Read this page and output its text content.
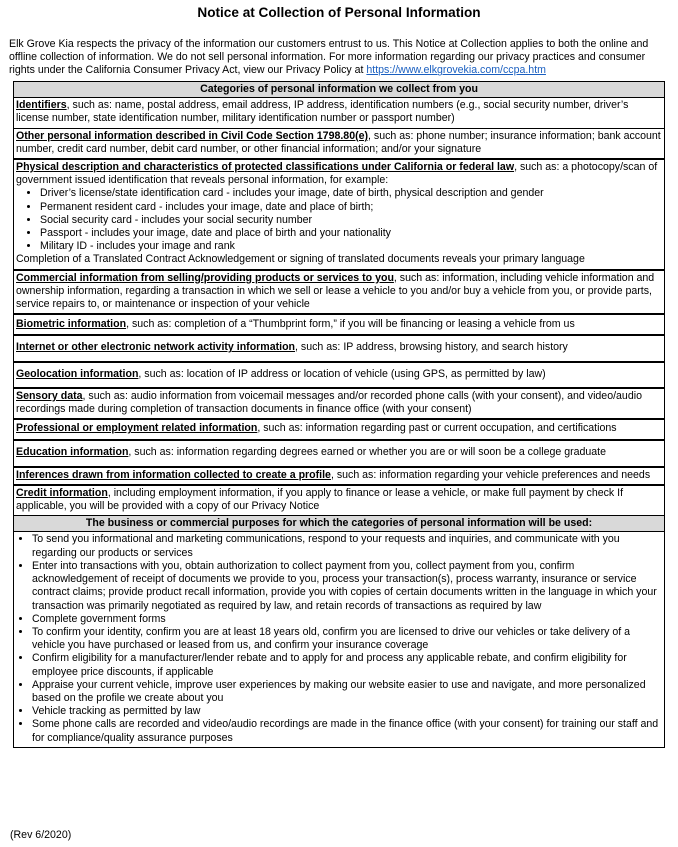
Notice at Collection of Personal Information
Elk Grove Kia respects the privacy of the information our customers entrust to us. This Notice at Collection applies to both the online and offline collection of information. We do not sell personal information. For more information regarding our privacy practices and consumer rights under the California Consumer Privacy Act, view our Privacy Policy at https://www.elkgrovekia.com/ccpa.htm
Categories of personal information we collect from you
Identifiers, such as: name, postal address, email address, IP address, identification numbers (e.g., social security number, driver’s license number, state identification number, military identification number or passport number)
Other personal information described in Civil Code Section 1798.80(e), such as: phone number; insurance information; bank account number, credit card number, debit card number, or other financial information; and/or your signature
Physical description and characteristics of protected classifications under California or federal law, such as: a photocopy/scan of government issued identification that reveals personal information, for example:
• Driver’s license/state identification card - includes your image, date of birth, physical description and gender
• Permanent resident card - includes your image, date and place of birth;
• Social security card - includes your social security number
• Passport - includes your image, date and place of birth and your nationality
• Military ID - includes your image and rank
Completion of a Translated Contract Acknowledgement or signing of translated documents reveals your primary language
Commercial information from selling/providing products or services to you, such as: information, including vehicle information and ownership information, regarding a transaction in which we sell or lease a vehicle to you and/or buy a vehicle from you, or provide parts, service repairs to, or maintenance or inspection of your vehicle
Biometric information, such as: completion of a “Thumbprint form,” if you will be financing or leasing a vehicle from us
Internet or other electronic network activity information, such as: IP address, browsing history, and search history
Geolocation information, such as: location of IP address or location of vehicle (using GPS, as permitted by law)
Sensory data, such as: audio information from voicemail messages and/or recorded phone calls (with your consent), and video/audio recordings made during completion of transaction documents in finance office (with your consent)
Professional or employment related information, such as: information regarding past or current occupation, and certifications
Education information, such as: information regarding degrees earned or whether you are or will soon be a college graduate
Inferences drawn from information collected to create a profile, such as: information regarding your vehicle preferences and needs
Credit information, including employment information, if you apply to finance or lease a vehicle, or make full payment by check If applicable, you will be provided with a copy of our Privacy Notice
The business or commercial purposes for which the categories of personal information will be used:
• To send you informational and marketing communications, respond to your requests and inquiries, and communicate with you regarding our products or services
• Enter into transactions with you, obtain authorization to collect payment from you, collect payment from you, confirm acknowledgement of receipt of documents we provide to you, process your transaction(s), process warranty, insurance or service contract claims; provide product recall information, provide you with copies of certain documents written in the language in which your transaction was primarily negotiated as required by law, and retain records of transactions as required by law
• Complete government forms
• To confirm your identity, confirm you are at least 18 years old, confirm you are licensed to drive our vehicles or take delivery of a vehicle you have purchased or leased from us, and confirm your insurance coverage
• Confirm eligibility for a manufacturer/lender rebate and to apply for and process any applicable rebate, and confirm eligibility for employee price discounts, if applicable
• Appraise your current vehicle, improve user experiences by making our website easier to use and navigate, and more personalized based on the profile we create about you
• Vehicle tracking as permitted by law
• Some phone calls are recorded and video/audio recordings are made in the finance office (with your consent) for training our staff and for compliance/quality assurance purposes
(Rev 6/2020)
